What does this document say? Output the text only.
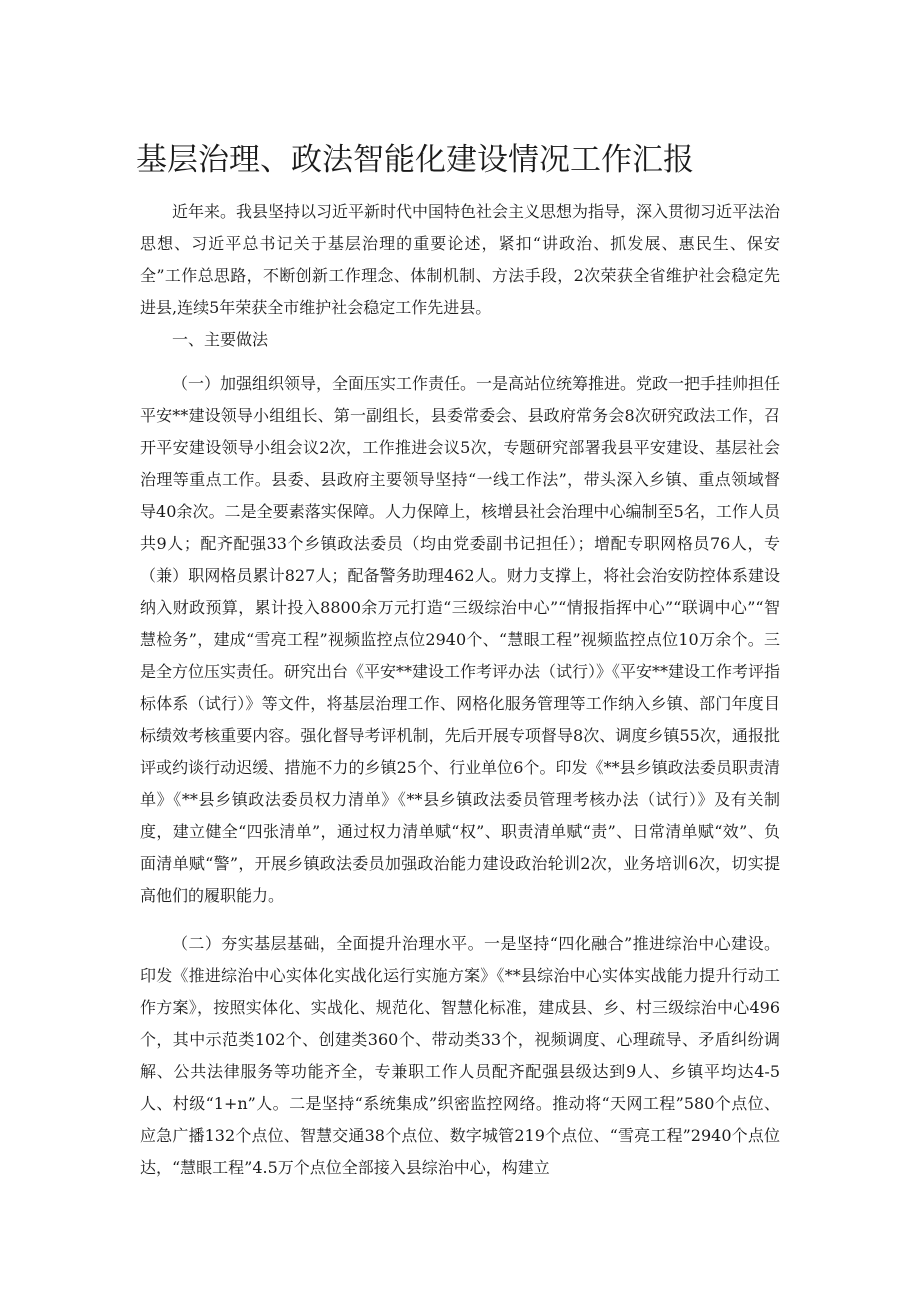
基层治理、政法智能化建设情况工作汇报

近年来。我县坚持以习近平新时代中国特色社会主义思想为指导，深入贯彻习近平法治思想、习近平总书记关于基层治理的重要论述，紧扣“讲政治、抓发展、惠民生、保安全”工作总思路，不断创新工作理念、体制机制、方法手段，2次荣获全省维护社会稳定先进县,连续5年荣获全市维护社会稳定工作先进县。

一、主要做法

（一）加强组织领导，全面压实工作责任。一是高站位统筹推进。党政一把手挂帅担任平安**建设领导小组组长、第一副组长，县委常委会、县政府常务会8次研究政法工作，召开平安建设领导小组会议2次，工作推进会议5次，专题研究部署我县平安建设、基层社会治理等重点工作。县委、县政府主要领导坚持“一线工作法”，带头深入乡镇、重点领域督导40余次。二是全要素落实保障。人力保障上，核增县社会治理中心编制至5名，工作人员共9人；配齐配强33个乡镇政法委员（均由党委副书记担任）；增配专职网格员76人，专（兼）职网格员累计827人；配备警务助理462人。财力支撑上，将社会治安防控体系建设纳入财政预算，累计投入8800余万元打造“三级综治中心”“情报指挥中心”“联调中心”“智慧检务”，建成“雪亮工程”视频监控点位2940个、“慧眼工程”视频监控点位10万余个。三是全方位压实责任。研究出台《平安**建设工作考评办法（试行）》《平安**建设工作考评指标体系（试行）》等文件，将基层治理工作、网格化服务管理等工作纳入乡镇、部门年度目标绩效考核重要内容。强化督导考评机制，先后开展专项督导8次、调度乡镇55次，通报批评或约谈行动迟缓、措施不力的乡镇25个、行业单位6个。印发《**县乡镇政法委员职责清单》《**县乡镇政法委员权力清单》《**县乡镇政法委员管理考核办法（试行）》及有关制度，建立健全“四张清单”，通过权力清单赋“权”、职责清单赋“责”、日常清单赋“效”、负面清单赋“警”，开展乡镇政法委员加强政治能力建设政治轮训2次，业务培训6次，切实提高他们的履职能力。

（二）夯实基层基础，全面提升治理水平。一是坚持“四化融合”推进综治中心建设。印发《推进综治中心实体化实战化运行实施方案》《**县综治中心实体实战能力提升行动工作方案》，按照实体化、实战化、规范化、智慧化标准，建成县、乡、村三级综治中心496个，其中示范类102个、创建类360个、带动类33个，视频调度、心理疏导、矛盾纠纷调解、公共法律服务等功能齐全，专兼职工作人员配齐配强县级达到9人、乡镇平均达4-5人、村级“1+n”人。二是坚持“系统集成”织密监控网络。推动将“天网工程”580个点位、应急广播132个点位、智慧交通38个点位、数字城管219个点位、“雪亮工程”2940个点位达，“慧眼工程”4.5万个点位全部接入县综治中心，构建立
